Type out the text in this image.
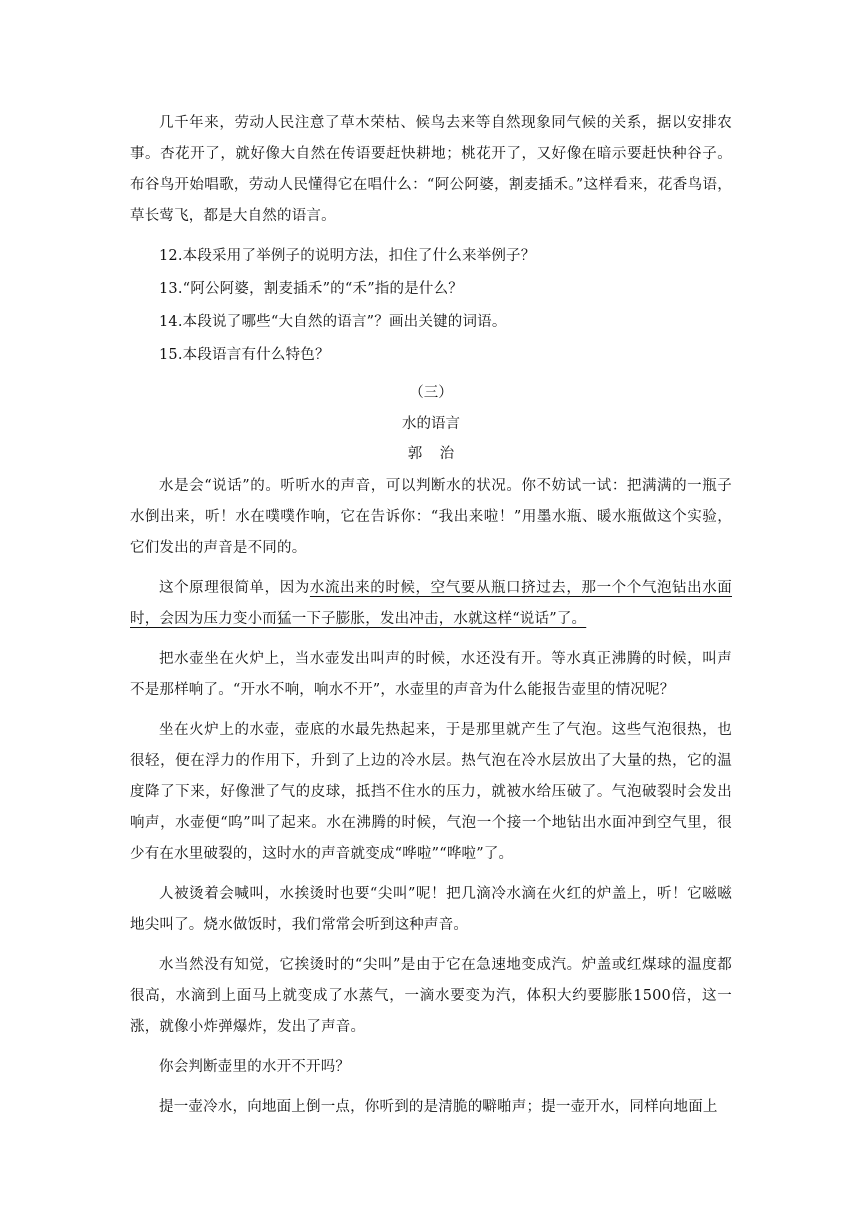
几千年来，劳动人民注意了草木荣枯、候鸟去来等自然现象同气候的关系，据以安排农事。杏花开了，就好像大自然在传语要赶快耕地；桃花开了，又好像在暗示要赶快种谷子。布谷鸟开始唱歌，劳动人民懂得它在唱什么：“阿公阿婆，割麦插禾。”这样看来，花香鸟语，草长莺飞，都是大自然的语言。

12.本段采用了举例子的说明方法，扣住了什么来举例子？

13.“阿公阿婆，割麦插禾”的“禾”指的是什么？

14.本段说了哪些“大自然的语言”？画出关键的词语。

15.本段语言有什么特色？

（三）
水的语言
郭治

水是会“说话”的。听听水的声音，可以判断水的状况。你不妨试一试：把满满的一瓶子水倒出来，听！水在噗噗作响，它在告诉你：“我出来啦！”用墨水瓶、暖水瓶做这个实验，它们发出的声音是不同的。

这个原理很简单，因为水流出来的时候，空气要从瓶口挤过去，那一个个气泡钻出水面时，会因为压力变小而猛一下子膨胀，发出冲击，水就这样“说话”了。

把水壶坐在火炉上，当水壶发出叫声的时候，水还没有开。等水真正沸腾的时候，叫声不是那样响了。“开水不响，响水不开”，水壶里的声音为什么能报告壶里的情况呢？

坐在火炉上的水壶，壶底的水最先热起来，于是那里就产生了气泡。这些气泡很热，也很轻，便在浮力的作用下，升到了上边的冷水层。热气泡在冷水层放出了大量的热，它的温度降了下来，好像泄了气的皮球，抵挡不住水的压力，就被水给压破了。气泡破裂时会发出响声，水壶便“呜”叫了起来。水在沸腾的时候，气泡一个接一个地钻出水面冲到空气里，很少有在水里破裂的，这时水的声音就变成“哗啦”“哗啦”了。

人被烫着会喊叫，水挨烫时也要“尖叫”呢！把几滴冷水滴在火红的炉盖上，听！它嗞嗞地尖叫了。烧水做饭时，我们常常会听到这种声音。

水当然没有知觉，它挨烫时的“尖叫”是由于它在急速地变成汽。炉盖或红煤球的温度都很高，水滴到上面马上就变成了水蒸气，一滴水要变为汽，体积大约要膨胀1500倍，这一涨，就像小炸弹爆炸，发出了声音。

你会判断壶里的水开不开吗？

提一壶冷水，向地面上倒一点，你听到的是清脆的噼啪声；提一壶开水，同样向地面上
